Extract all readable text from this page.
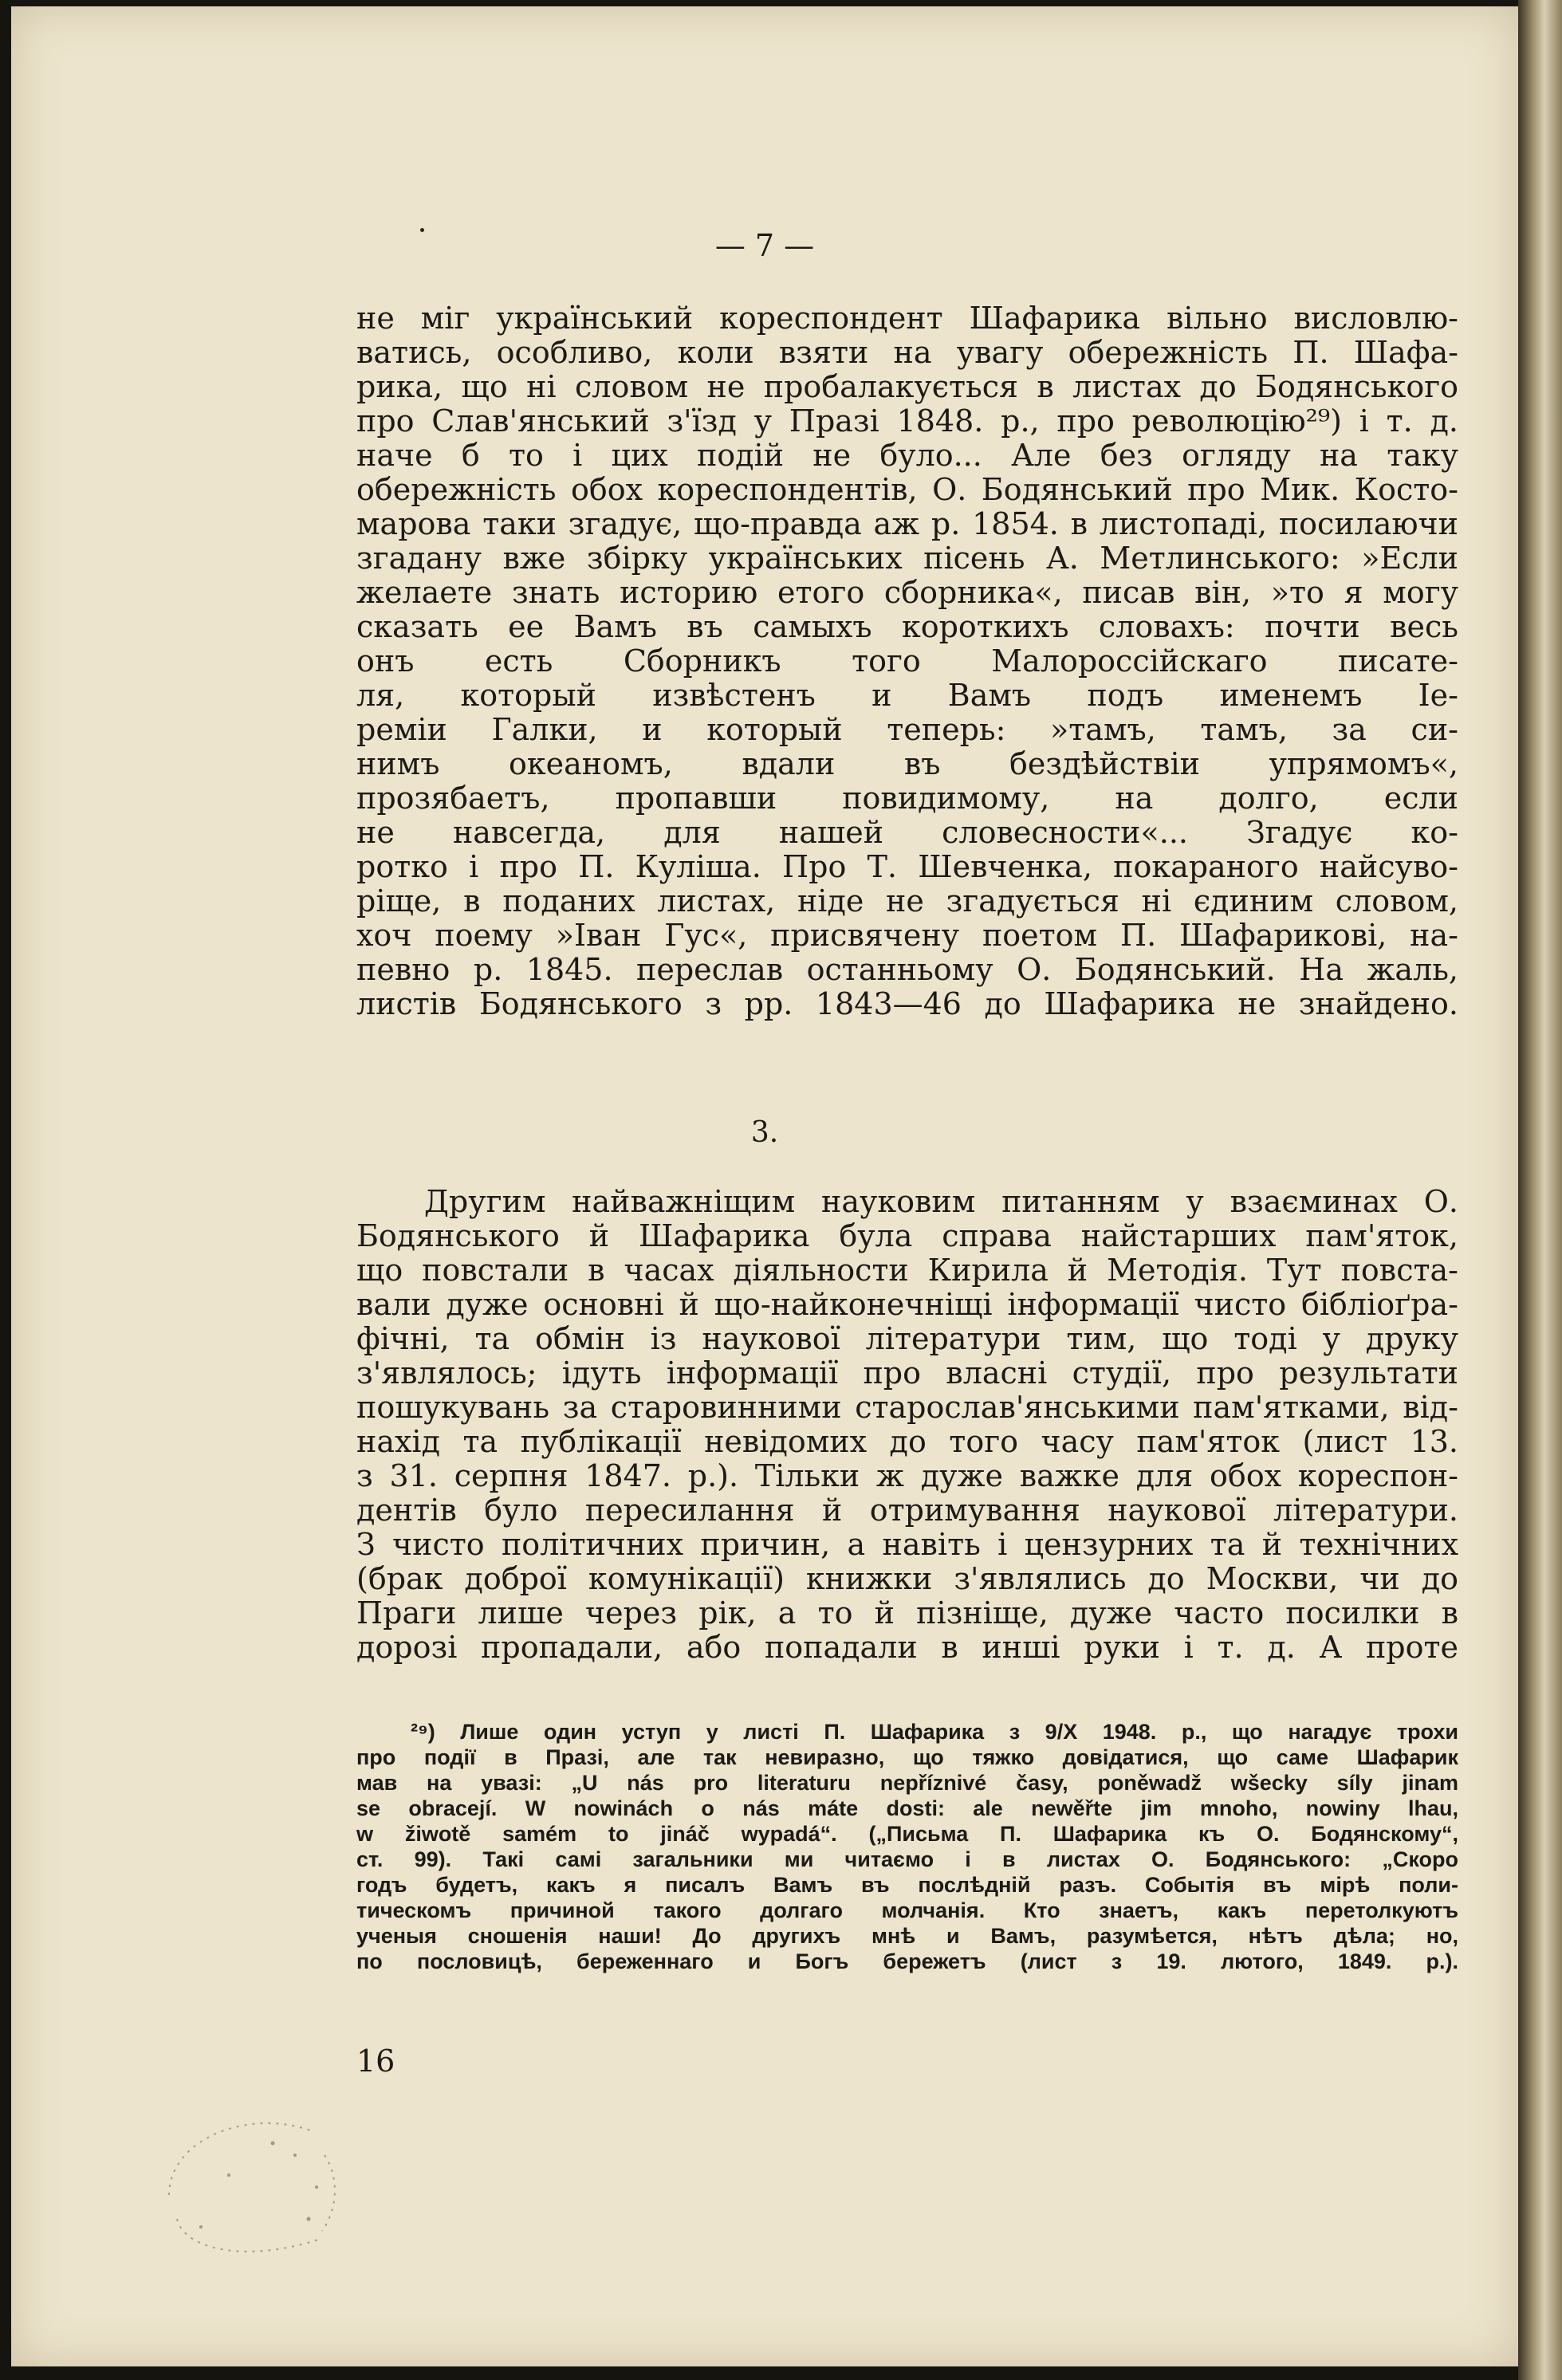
— 7 —

не міг український кореспондент Шафарика вільно висловлю-
ватись, особливо, коли взяти на увагу обережність П. Шафа-
рика, що ні словом не пробалакується в листах до Бодянського
про Слав'янський з'їзд у Празі 1848. р., про революцію²⁹) і т. д.
наче б то і цих подій не було... Але без огляду на таку
обережність обох кореспондентів, О. Бодянський про Мик. Косто-
марова таки згадує, що-правда аж р. 1854. в листопаді, посилаючи
згадану вже збірку українських пісень А. Метлинського: »Если
желаете знать историю етого сборника«, писав він, »то я могу
сказать ее Вамъ въ самыхъ короткихъ словахъ: почти весь
онъ есть Сборникъ того Малороссійскаго писате-
ля, который извѣстенъ и Вамъ подъ именемъ Іе-
реміи Галки, и который теперь: »тамъ, тамъ, за си-
нимъ океаномъ, вдали въ бездѣйствіи упрямомъ«,
прозябаетъ, пропавши повидимому, на долго, если
не навсегда, для нашей словесности«... Згадує ко-
ротко і про П. Куліша. Про Т. Шевченка, покараного найсуво-
ріще, в поданих листах, ніде не згадується ні єдиним словом,
хоч поему »Іван Гус«, присвячену поетом П. Шафарикові, на-
певно р. 1845. переслав останньому О. Бодянський. На жаль,
листів Бодянського з рр. 1843—46 до Шафарика не знайдено.

3.

Другим найважніщим науковим питанням у взаєминах О.
Бодянського й Шафарика була справа найстарших пам'яток,
що повстали в часах діяльности Кирила й Методія. Тут повста-
вали дуже основні й що-найконечніщі інформації чисто бібліоґра-
фічні, та обмін із наукової літератури тим, що тоді у друку
з'являлось; ідуть інформації про власні студії, про результати
пошукувань за старовинними старослав'янськими пам'ятками, від-
нахід та публікації невідомих до того часу пам'яток (лист 13.
з 31. серпня 1847. р.). Тільки ж дуже важке для обох кореспон-
дентів було пересилання й отримування наукової літератури.
З чисто політичних причин, а навіть і цензурних та й технічних
(брак доброї комунікації) книжки з'являлись до Москви, чи до
Праги лише через рік, а то й пізніще, дуже часто посилки в
дорозі пропадали, або попадали в инші руки і т. д. А проте

²⁹) Лише один уступ у листі П. Шафарика з 9/X 1948. р., що нагадує трохи
про події в Празі, але так невиразно, що тяжко довідатися, що саме Шафарик
мав на увазі: „U nás pro literaturu nepříznivé časy, poněwadž wšecky síly jinam
se obracejí. W nowinách o nás máte dosti: ale newěřte jim mnoho, nowiny lhau,
w žiwotě samém to jináč wypadá“. („Письма П. Шафарика къ О. Бодянскому“,
ст. 99). Такі самі загальники ми читаємо і в листах О. Бодянського: „Скоро
годъ будетъ, какъ я писалъ Вамъ въ послѣдній разъ. Событія въ мірѣ поли-
тическомъ причиной такого долгаго молчанія. Кто знаетъ, какъ перетолкуютъ
ученыя сношенія наши! До другихъ мнѣ и Вамъ, разумѣется, нѣтъ дѣла; но,
по пословицѣ, береженнаго и Богъ бережетъ (лист з 19. лютого, 1849. р.).

16
